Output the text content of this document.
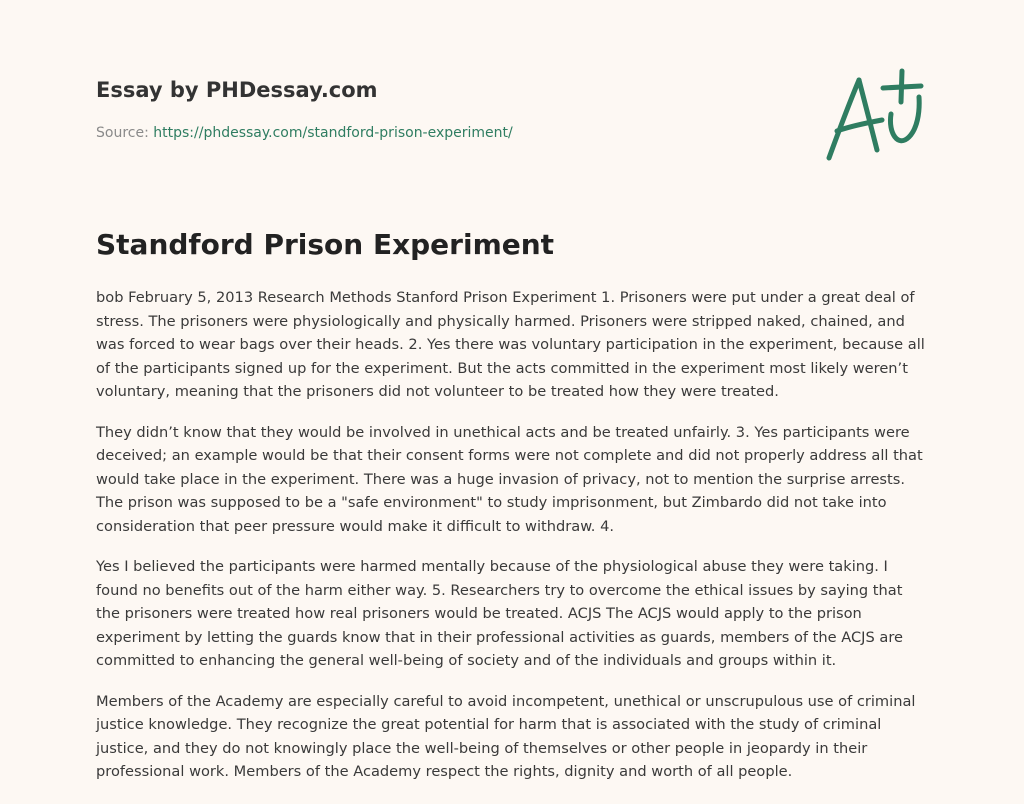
Essay by PHDessay.com
Source: https://phdessay.com/standford-prison-experiment/
Standford Prison Experiment

bob February 5, 2013 Research Methods Stanford Prison Experiment 1. Prisoners were put under a great deal of stress. The prisoners were physiologically and physically harmed. Prisoners were stripped naked, chained, and was forced to wear bags over their heads. 2. Yes there was voluntary participation in the experiment, because all of the participants signed up for the experiment. But the acts committed in the experiment most likely weren’t voluntary, meaning that the prisoners did not volunteer to be treated how they were treated.

They didn’t know that they would be involved in unethical acts and be treated unfairly. 3. Yes participants were deceived; an example would be that their consent forms were not complete and did not properly address all that would take place in the experiment. There was a huge invasion of privacy, not to mention the surprise arrests. The prison was supposed to be a "safe environment" to study imprisonment, but Zimbardo did not take into consideration that peer pressure would make it difficult to withdraw. 4.

Yes I believed the participants were harmed mentally because of the physiological abuse they were taking. I found no benefits out of the harm either way. 5. Researchers try to overcome the ethical issues by saying that the prisoners were treated how real prisoners would be treated. ACJS The ACJS would apply to the prison experiment by letting the guards know that in their professional activities as guards, members of the ACJS are committed to enhancing the general well-being of society and of the individuals and groups within it.

Members of the Academy are especially careful to avoid incompetent, unethical or unscrupulous use of criminal justice knowledge. They recognize the great potential for harm that is associated with the study of criminal justice, and they do not knowingly place the well-being of themselves or other people in jeopardy in their professional work. Members of the Academy respect the rights, dignity and worth of all people.
